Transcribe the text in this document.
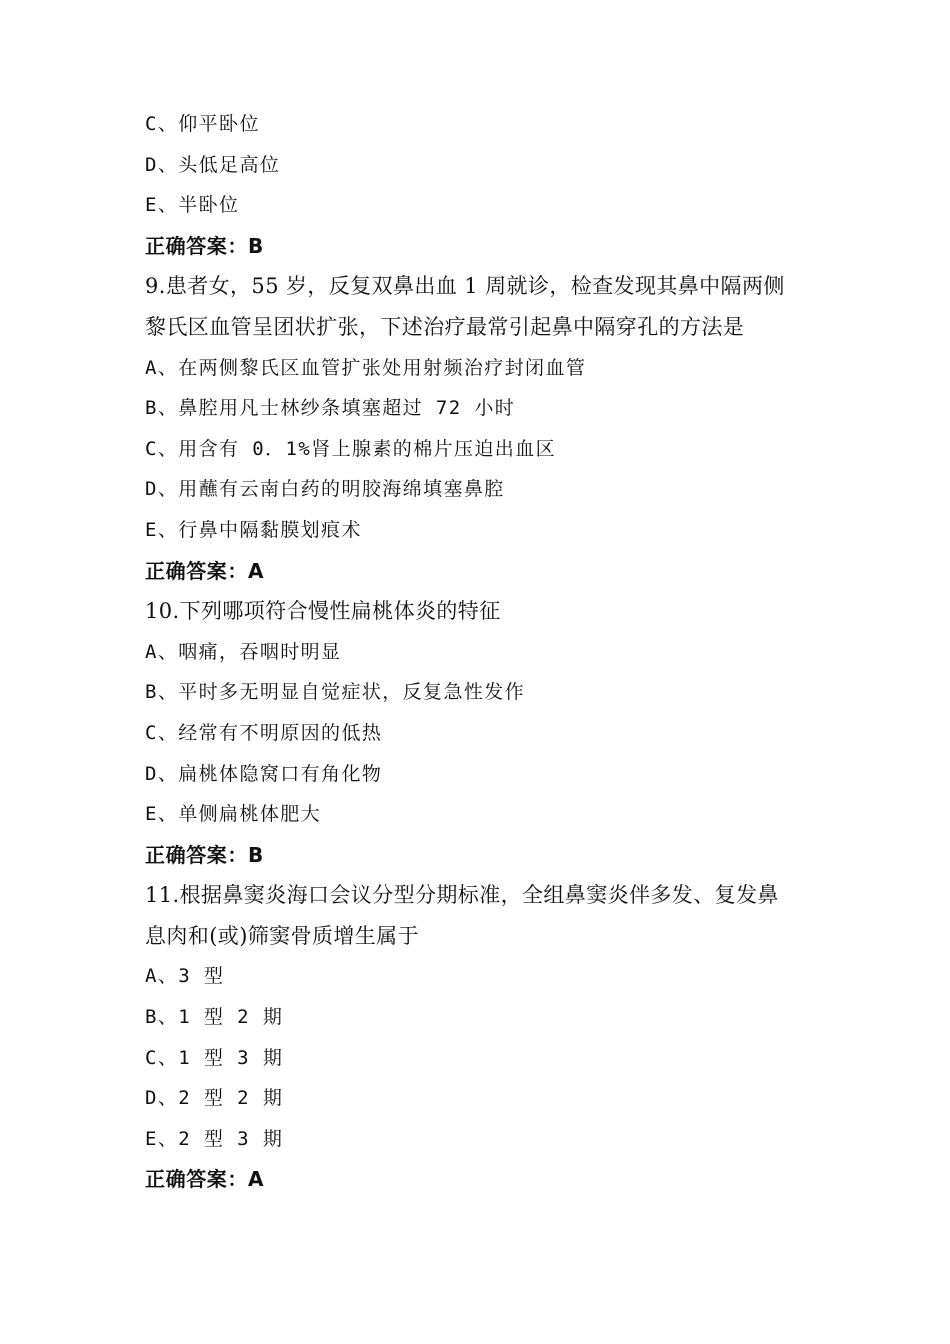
C、仰平卧位
D、头低足高位
E、半卧位
正确答案：B
9.患者女，55 岁，反复双鼻出血 1 周就诊，检查发现其鼻中隔两侧
黎氏区血管呈团状扩张，下述治疗最常引起鼻中隔穿孔的方法是
A、在两侧黎氏区血管扩张处用射频治疗封闭血管
B、鼻腔用凡士林纱条填塞超过 72 小时
C、用含有 0．1%肾上腺素的棉片压迫出血区
D、用蘸有云南白药的明胶海绵填塞鼻腔
E、行鼻中隔黏膜划痕术
正确答案：A
10.下列哪项符合慢性扁桃体炎的特征
A、咽痛，吞咽时明显
B、平时多无明显自觉症状，反复急性发作
C、经常有不明原因的低热
D、扁桃体隐窝口有角化物
E、单侧扁桃体肥大
正确答案：B
11.根据鼻窦炎海口会议分型分期标准，全组鼻窦炎伴多发、复发鼻
息肉和(或)筛窦骨质增生属于
A、3 型
B、1 型 2 期
C、1 型 3 期
D、2 型 2 期
E、2 型 3 期
正确答案：A
